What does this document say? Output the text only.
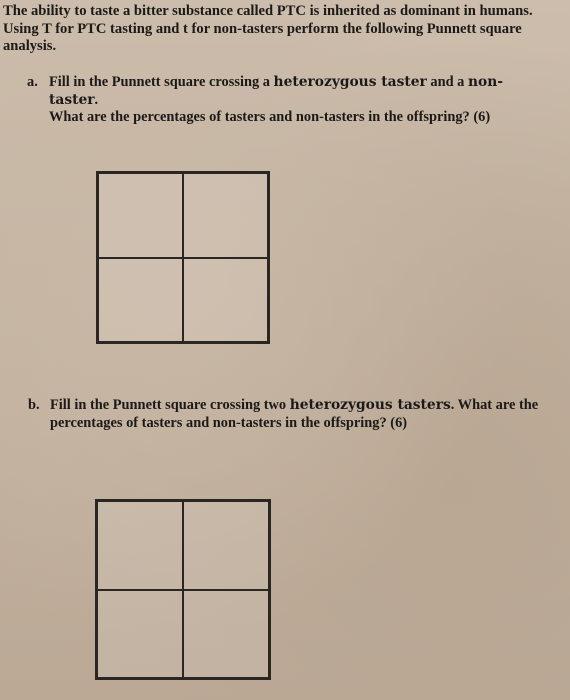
The ability to taste a bitter substance called PTC is inherited as dominant in humans.
Using T for PTC tasting and t for non-tasters perform the following Punnett square
analysis.
a. Fill in the Punnett square crossing a heterozygous taster and a non-taster.
What are the percentages of tasters and non-tasters in the offspring? (6)
b. Fill in the Punnett square crossing two heterozygous tasters. What are the
percentages of tasters and non-tasters in the offspring? (6)
